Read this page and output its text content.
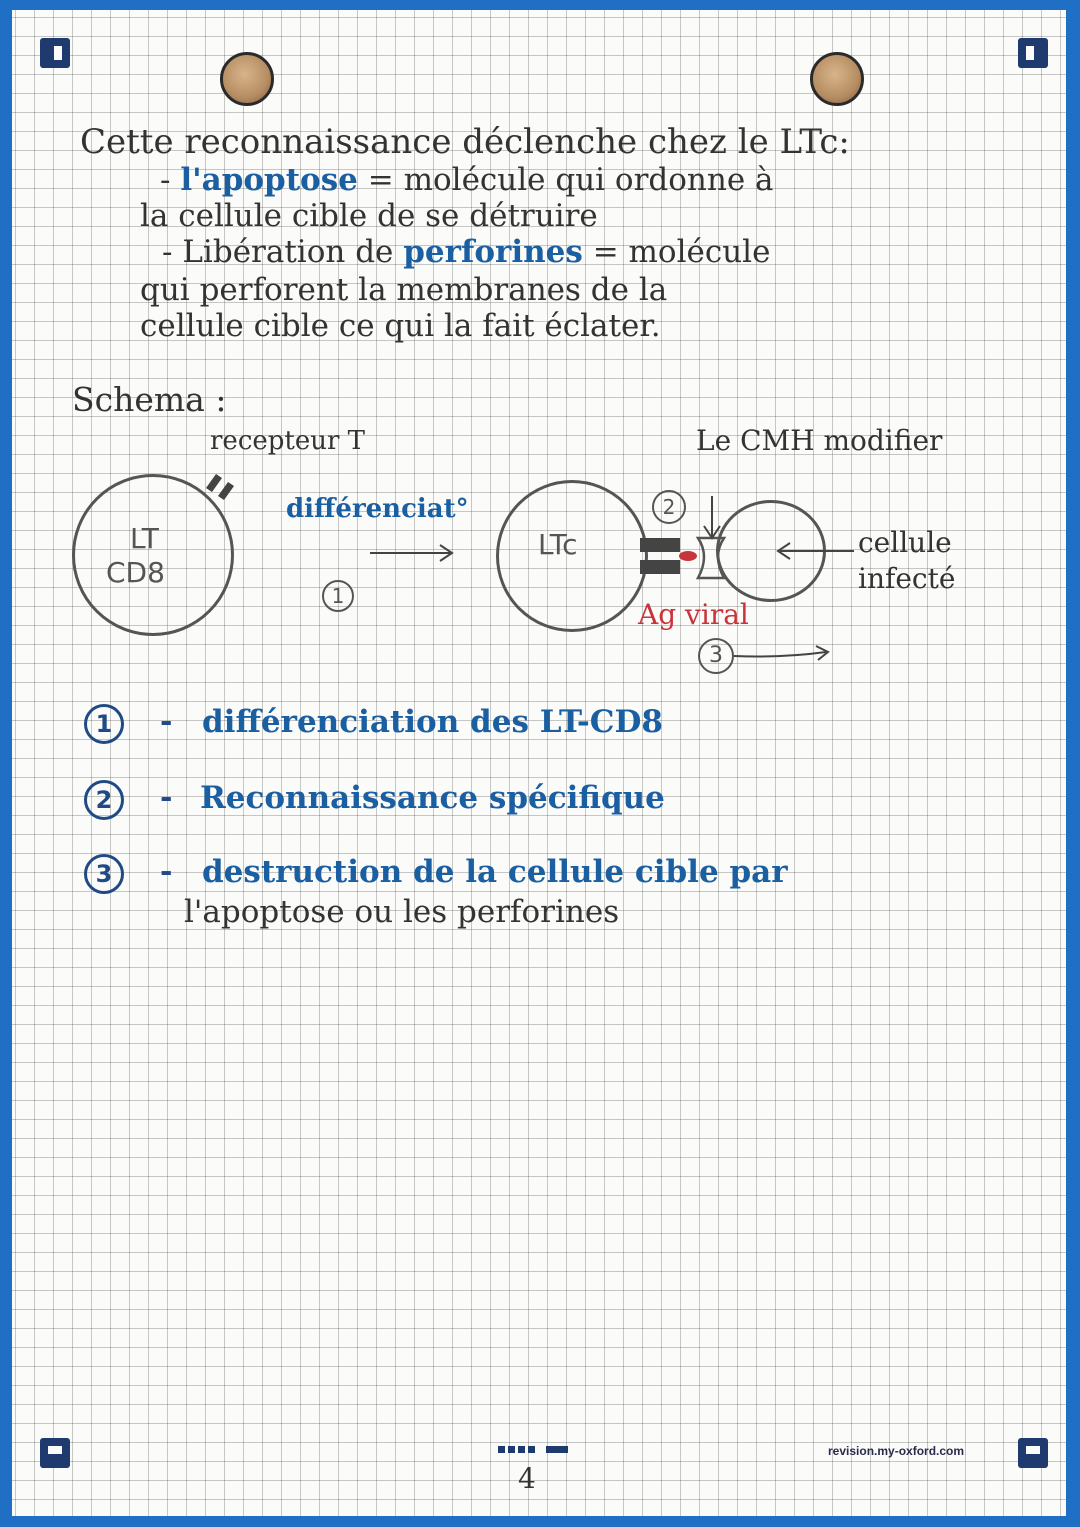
Cette reconnaissance déclenche chez le LTc:
- l'apoptose = molécule qui ordonne à
la cellule cible de se détruire
- Libération de perforines = molécule
qui perforent la membranes de la
cellule cible ce qui la fait éclater.
Schema :
recepteur T	Le CMH modifier
LT
CD8
différenciat°
1
LTc
2
cellule
infecté
Ag viral
3
1	- différenciation des LT-CD8
2	- Reconnaissance spécifique
3	- destruction de la cellule cible par
l'apoptose ou les perforines
4
revision.my-oxford.com
